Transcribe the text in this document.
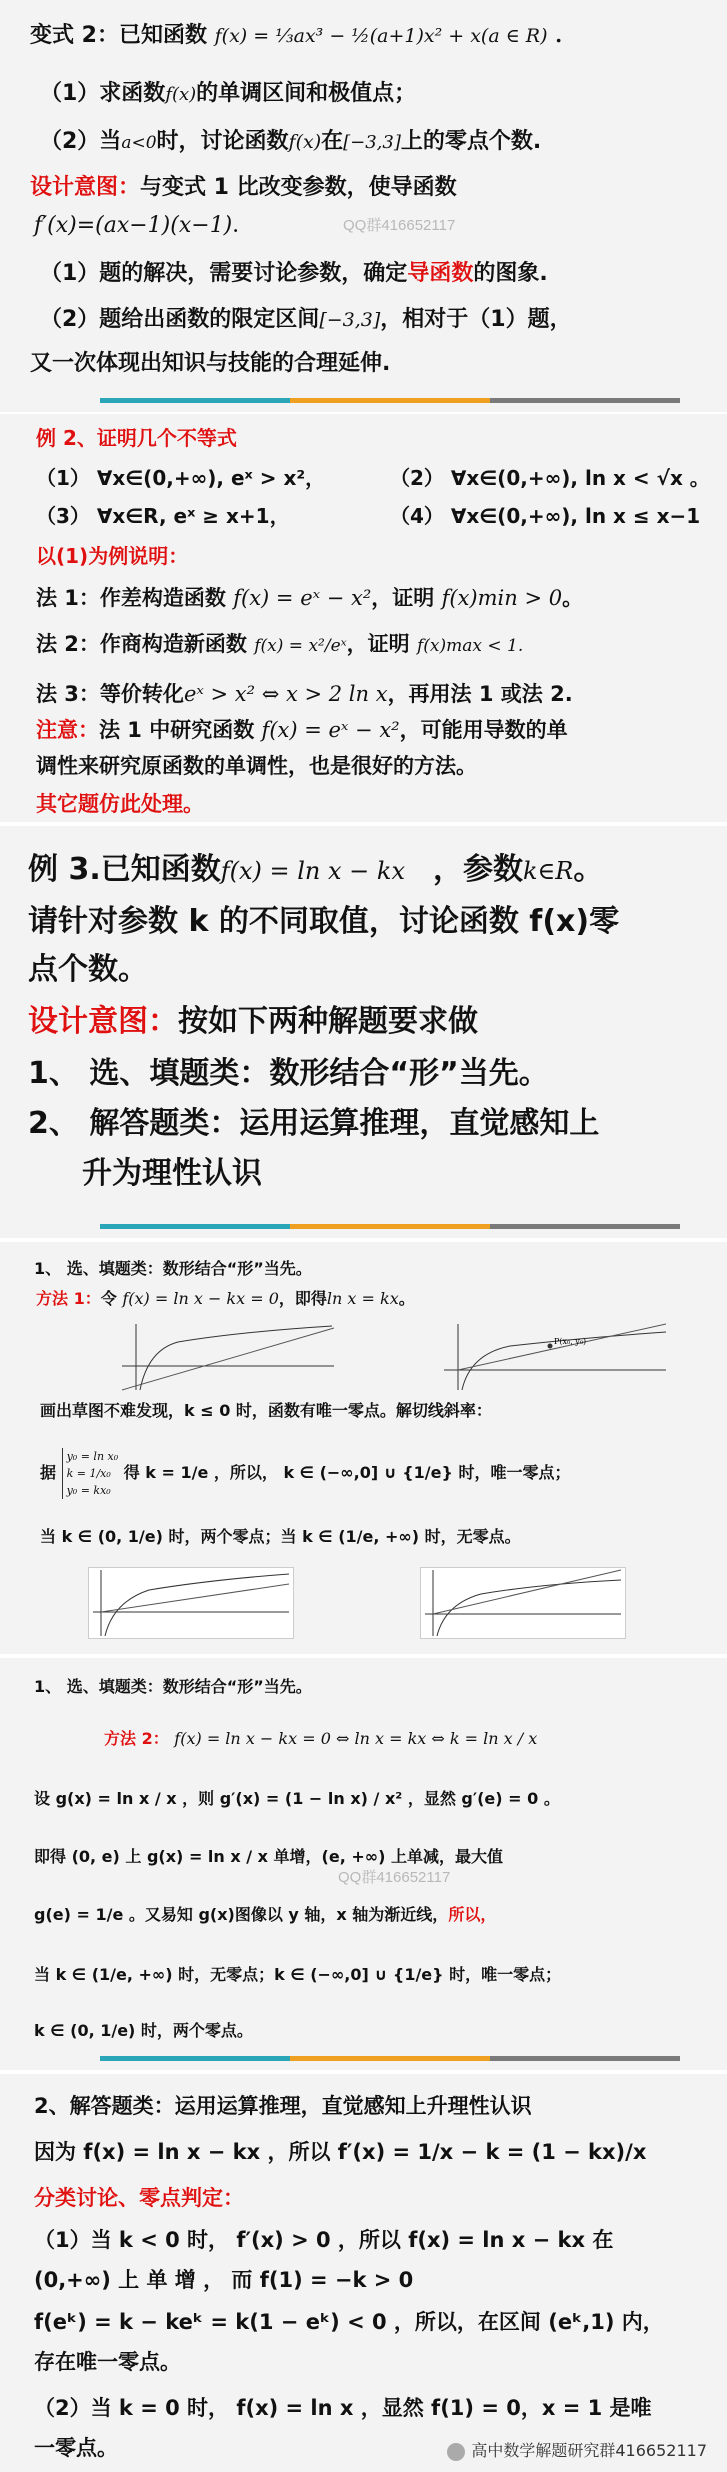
变式 2：已知函数 f(x) = ⅓ax³ − ½(a+1)x² + x(a ∈ R) ．
（1）求函数f(x)的单调区间和极值点；
（2）当a<0时，讨论函数f(x)在[−3,3]上的零点个数.
设计意图：与变式 1 比改变参数，使导函数
f′(x)=(ax−1)(x−1)．	QQ群416652117
（1）题的解决，需要讨论参数，确定导函数的图象.
（2）题给出函数的限定区间[−3,3]，相对于（1）题，
又一次体现出知识与技能的合理延伸.
例 2、证明几个不等式
（1） ∀x∈(0,+∞), eˣ > x²，	（2） ∀x∈(0,+∞), ln x < √x 。
（3） ∀x∈R, eˣ ≥ x+1，	（4） ∀x∈(0,+∞), ln x ≤ x−1
以(1)为例说明：
法 1：作差构造函数 f(x) = eˣ − x²，证明 f(x)min > 0。
法 2：作商构造新函数 f(x) = x²/eˣ，证明 f(x)max < 1.
法 3：等价转化eˣ > x² ⇔ x > 2 ln x，再用法 1 或法 2.
注意：法 1 中研究函数 f(x) = eˣ − x²，可能用导数的单
调性来研究原函数的单调性，也是很好的方法。
其它题仿此处理。
例 3.已知函数f(x) = ln x − kx ，参数k∈R。
请针对参数 k 的不同取值，讨论函数 f(x)零
点个数。
设计意图：按如下两种解题要求做
1、 选、填题类：数形结合“形”当先。
2、 解答题类：运用运算推理，直觉感知上
升为理性认识
1、 选、填题类：数形结合“形”当先。
方法 1：令 f(x) = ln x − kx = 0，即得ln x = kx。
P(x₀, y₀)
画出草图不难发现，k ≤ 0 时，函数有唯一零点。解切线斜率：
据
y₀ = ln x₀
k = 1/x₀
y₀ = kx₀
得 k = 1/e ，所以， k ∈ (−∞,0] ∪ {1/e} 时，唯一零点；
当 k ∈ (0, 1/e) 时，两个零点；当 k ∈ (1/e, +∞) 时，无零点。
1、 选、填题类：数形结合“形”当先。
方法 2： f(x) = ln x − kx = 0 ⇔ ln x = kx ⇔ k = ln x / x
设 g(x) = ln x / x ，则 g′(x) = (1 − ln x) / x² ，显然 g′(e) = 0 。
即得 (0, e) 上 g(x) = ln x / x 单增，(e, +∞) 上单减，最大值
QQ群416652117
g(e) = 1/e 。又易知 g(x)图像以 y 轴，x 轴为渐近线，所以，
当 k ∈ (1/e, +∞) 时，无零点；k ∈ (−∞,0] ∪ {1/e} 时，唯一零点；
k ∈ (0, 1/e) 时，两个零点。
2、解答题类：运用运算推理，直觉感知上升理性认识
因为 f(x) = ln x − kx ，所以 f′(x) = 1/x − k = (1 − kx)/x
分类讨论、零点判定：
（1）当 k < 0 时， f′(x) > 0 ，所以 f(x) = ln x − kx 在
(0,+∞) 上 单 增 ， 而 f(1) = −k > 0
f(eᵏ) = k − keᵏ = k(1 − eᵏ) < 0 ，所以，在区间 (eᵏ,1) 内，
存在唯一零点。
（2）当 k = 0 时， f(x) = ln x ，显然 f(1) = 0，x = 1 是唯
一零点。	高中数学解题研究群416652117
